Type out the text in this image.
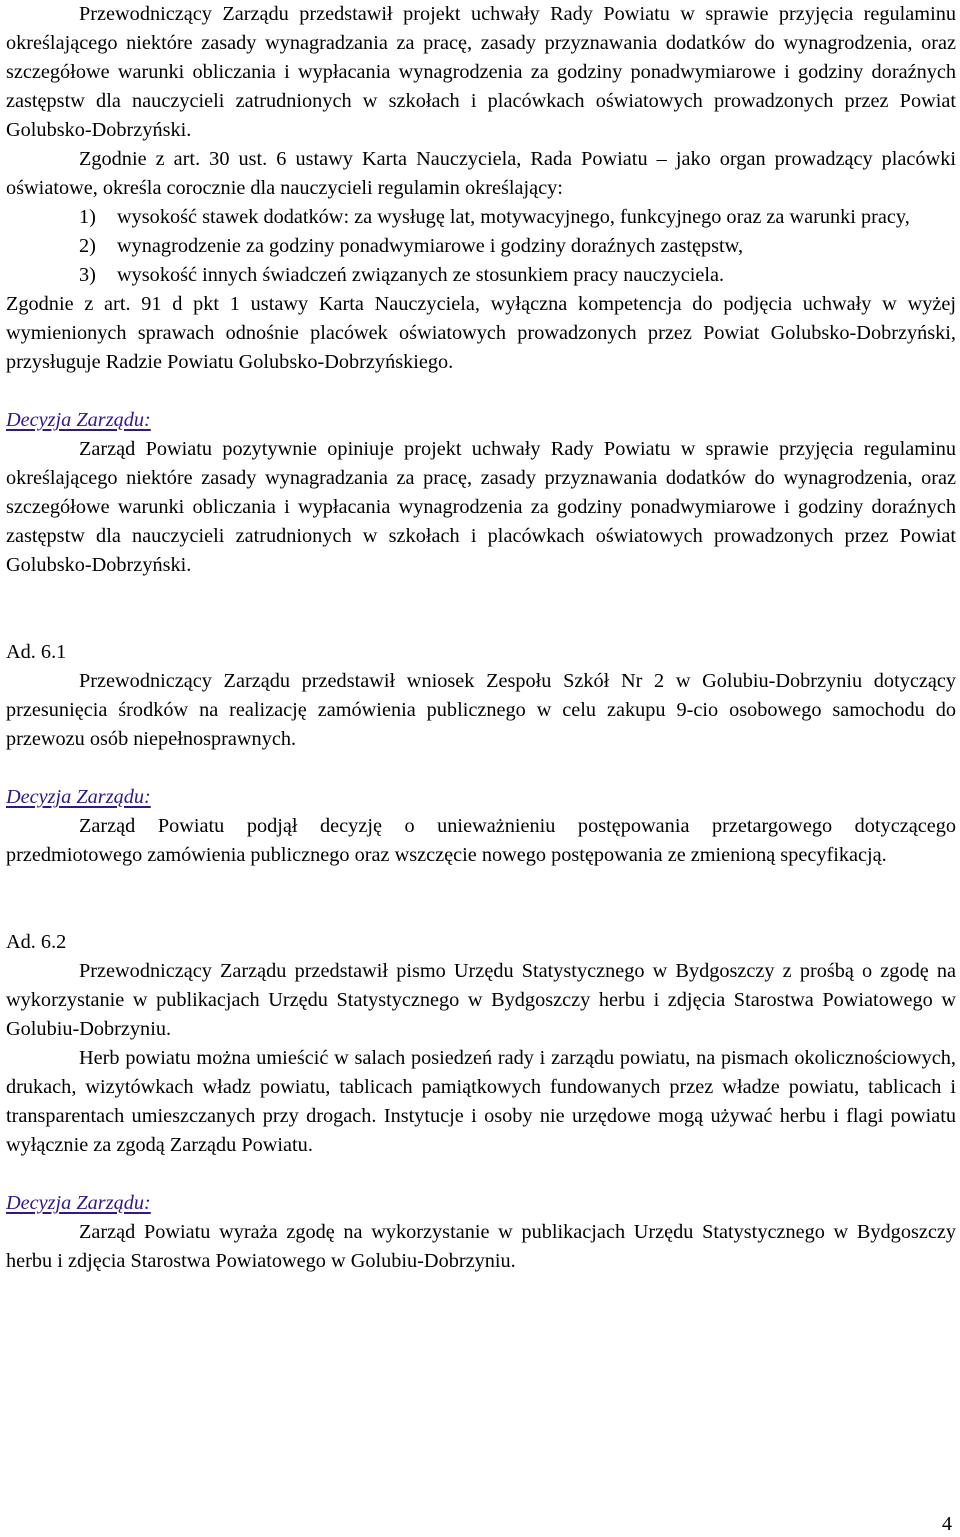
Przewodniczący Zarządu przedstawił projekt uchwały Rady Powiatu w sprawie przyjęcia regulaminu określającego niektóre zasady wynagradzania za pracę, zasady przyznawania dodatków do wynagrodzenia, oraz szczegółowe warunki obliczania i wypłacania wynagrodzenia za godziny ponadwymiarowe i godziny doraźnych zastępstw dla nauczycieli zatrudnionych w szkołach i placówkach oświatowych prowadzonych przez Powiat Golubsko-Dobrzyński.

Zgodnie z art. 30 ust. 6 ustawy Karta Nauczyciela, Rada Powiatu – jako organ prowadzący placówki oświatowe, określa corocznie dla nauczycieli regulamin określający:

1) wysokość stawek dodatków: za wysługę lat, motywacyjnego, funkcyjnego oraz za warunki pracy,
2) wynagrodzenie za godziny ponadwymiarowe i godziny doraźnych zastępstw,
3) wysokość innych świadczeń związanych ze stosunkiem pracy nauczyciela.

Zgodnie z art. 91 d pkt 1 ustawy Karta Nauczyciela, wyłączna kompetencja do podjęcia uchwały w wyżej wymienionych sprawach odnośnie placówek oświatowych prowadzonych przez Powiat Golubsko-Dobrzyński, przysługuje Radzie Powiatu Golubsko-Dobrzyńskiego.

Decyzja Zarządu:

Zarząd Powiatu pozytywnie opiniuje projekt uchwały Rady Powiatu w sprawie przyjęcia regulaminu określającego niektóre zasady wynagradzania za pracę, zasady przyznawania dodatków do wynagrodzenia, oraz szczegółowe warunki obliczania i wypłacania wynagrodzenia za godziny ponadwymiarowe i godziny doraźnych zastępstw dla nauczycieli zatrudnionych w szkołach i placówkach oświatowych prowadzonych przez Powiat Golubsko-Dobrzyński.

Ad. 6.1

Przewodniczący Zarządu przedstawił wniosek Zespołu Szkół Nr 2 w Golubiu-Dobrzyniu dotyczący przesunięcia środków na realizację zamówienia publicznego w celu zakupu 9-cio osobowego samochodu do przewozu osób niepełnosprawnych.

Decyzja Zarządu:

Zarząd Powiatu podjął decyzję o unieważnieniu postępowania przetargowego dotyczącego przedmiotowego zamówienia publicznego oraz wszczęcie nowego postępowania ze zmienioną specyfikacją.

Ad. 6.2

Przewodniczący Zarządu przedstawił pismo Urzędu Statystycznego w Bydgoszczy z prośbą o zgodę na wykorzystanie w publikacjach Urzędu Statystycznego w Bydgoszczy herbu i zdjęcia Starostwa Powiatowego w Golubiu-Dobrzyniu.

Herb powiatu można umieścić w salach posiedzeń rady i zarządu powiatu, na pismach okolicznościowych, drukach, wizytówkach władz powiatu, tablicach pamiątkowych fundowanych przez władze powiatu, tablicach i transparentach umieszczanych przy drogach. Instytucje i osoby nie urzędowe mogą używać herbu i flagi powiatu wyłącznie za zgodą Zarządu Powiatu.

Decyzja Zarządu:

Zarząd Powiatu wyraża zgodę na wykorzystanie w publikacjach Urzędu Statystycznego w Bydgoszczy herbu i zdjęcia Starostwa Powiatowego w Golubiu-Dobrzyniu.

4
